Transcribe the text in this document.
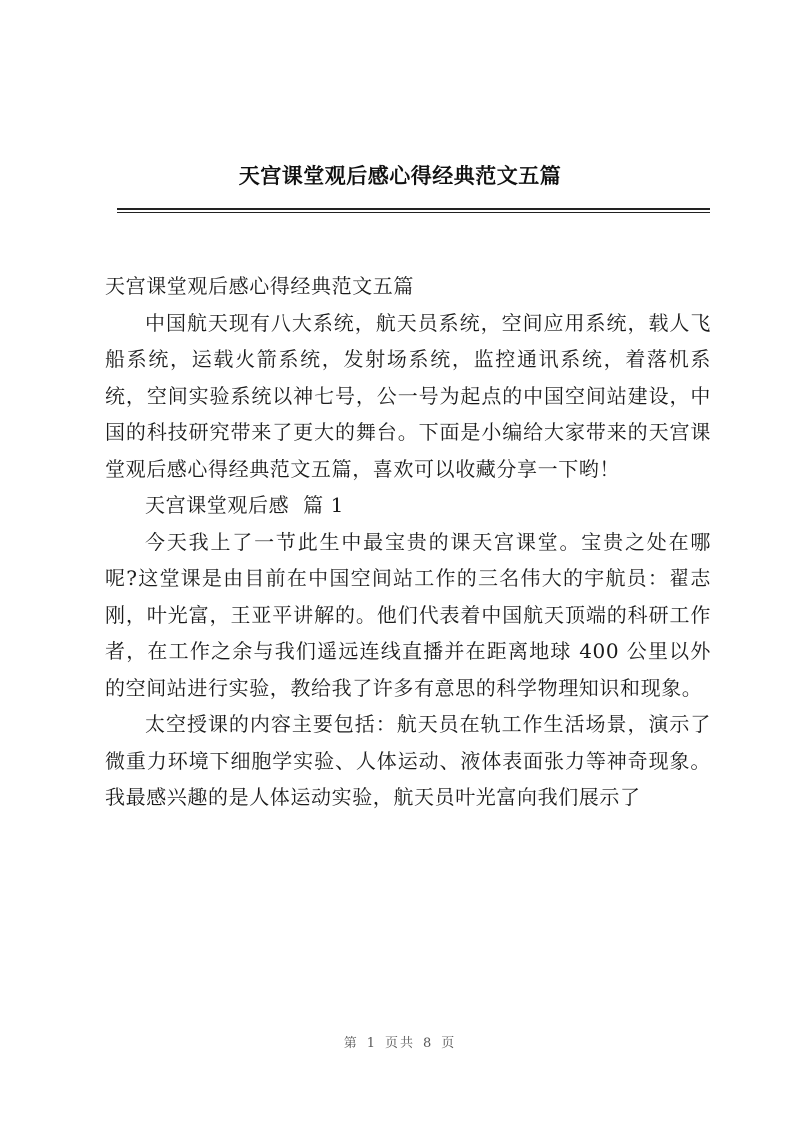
天宫课堂观后感心得经典范文五篇

天宫课堂观后感心得经典范文五篇

中国航天现有八大系统，航天员系统，空间应用系统，载人飞船系统，运载火箭系统，发射场系统，监控通讯系统，着落机系统，空间实验系统以神七号，公一号为起点的中国空间站建设，中国的科技研究带来了更大的舞台。下面是小编给大家带来的天宫课堂观后感心得经典范文五篇，喜欢可以收藏分享一下哟！

天宫课堂观后感  篇 1

今天我上了一节此生中最宝贵的课天宫课堂。宝贵之处在哪呢?这堂课是由目前在中国空间站工作的三名伟大的宇航员：翟志刚，叶光富，王亚平讲解的。他们代表着中国航天顶端的科研工作者，在工作之余与我们遥远连线直播并在距离地球 400 公里以外的空间站进行实验，教给我了许多有意思的科学物理知识和现象。

太空授课的内容主要包括：航天员在轨工作生活场景，演示了微重力环境下细胞学实验、人体运动、液体表面张力等神奇现象。我最感兴趣的是人体运动实验，航天员叶光富向我们展示了

第 1 页共 8 页
